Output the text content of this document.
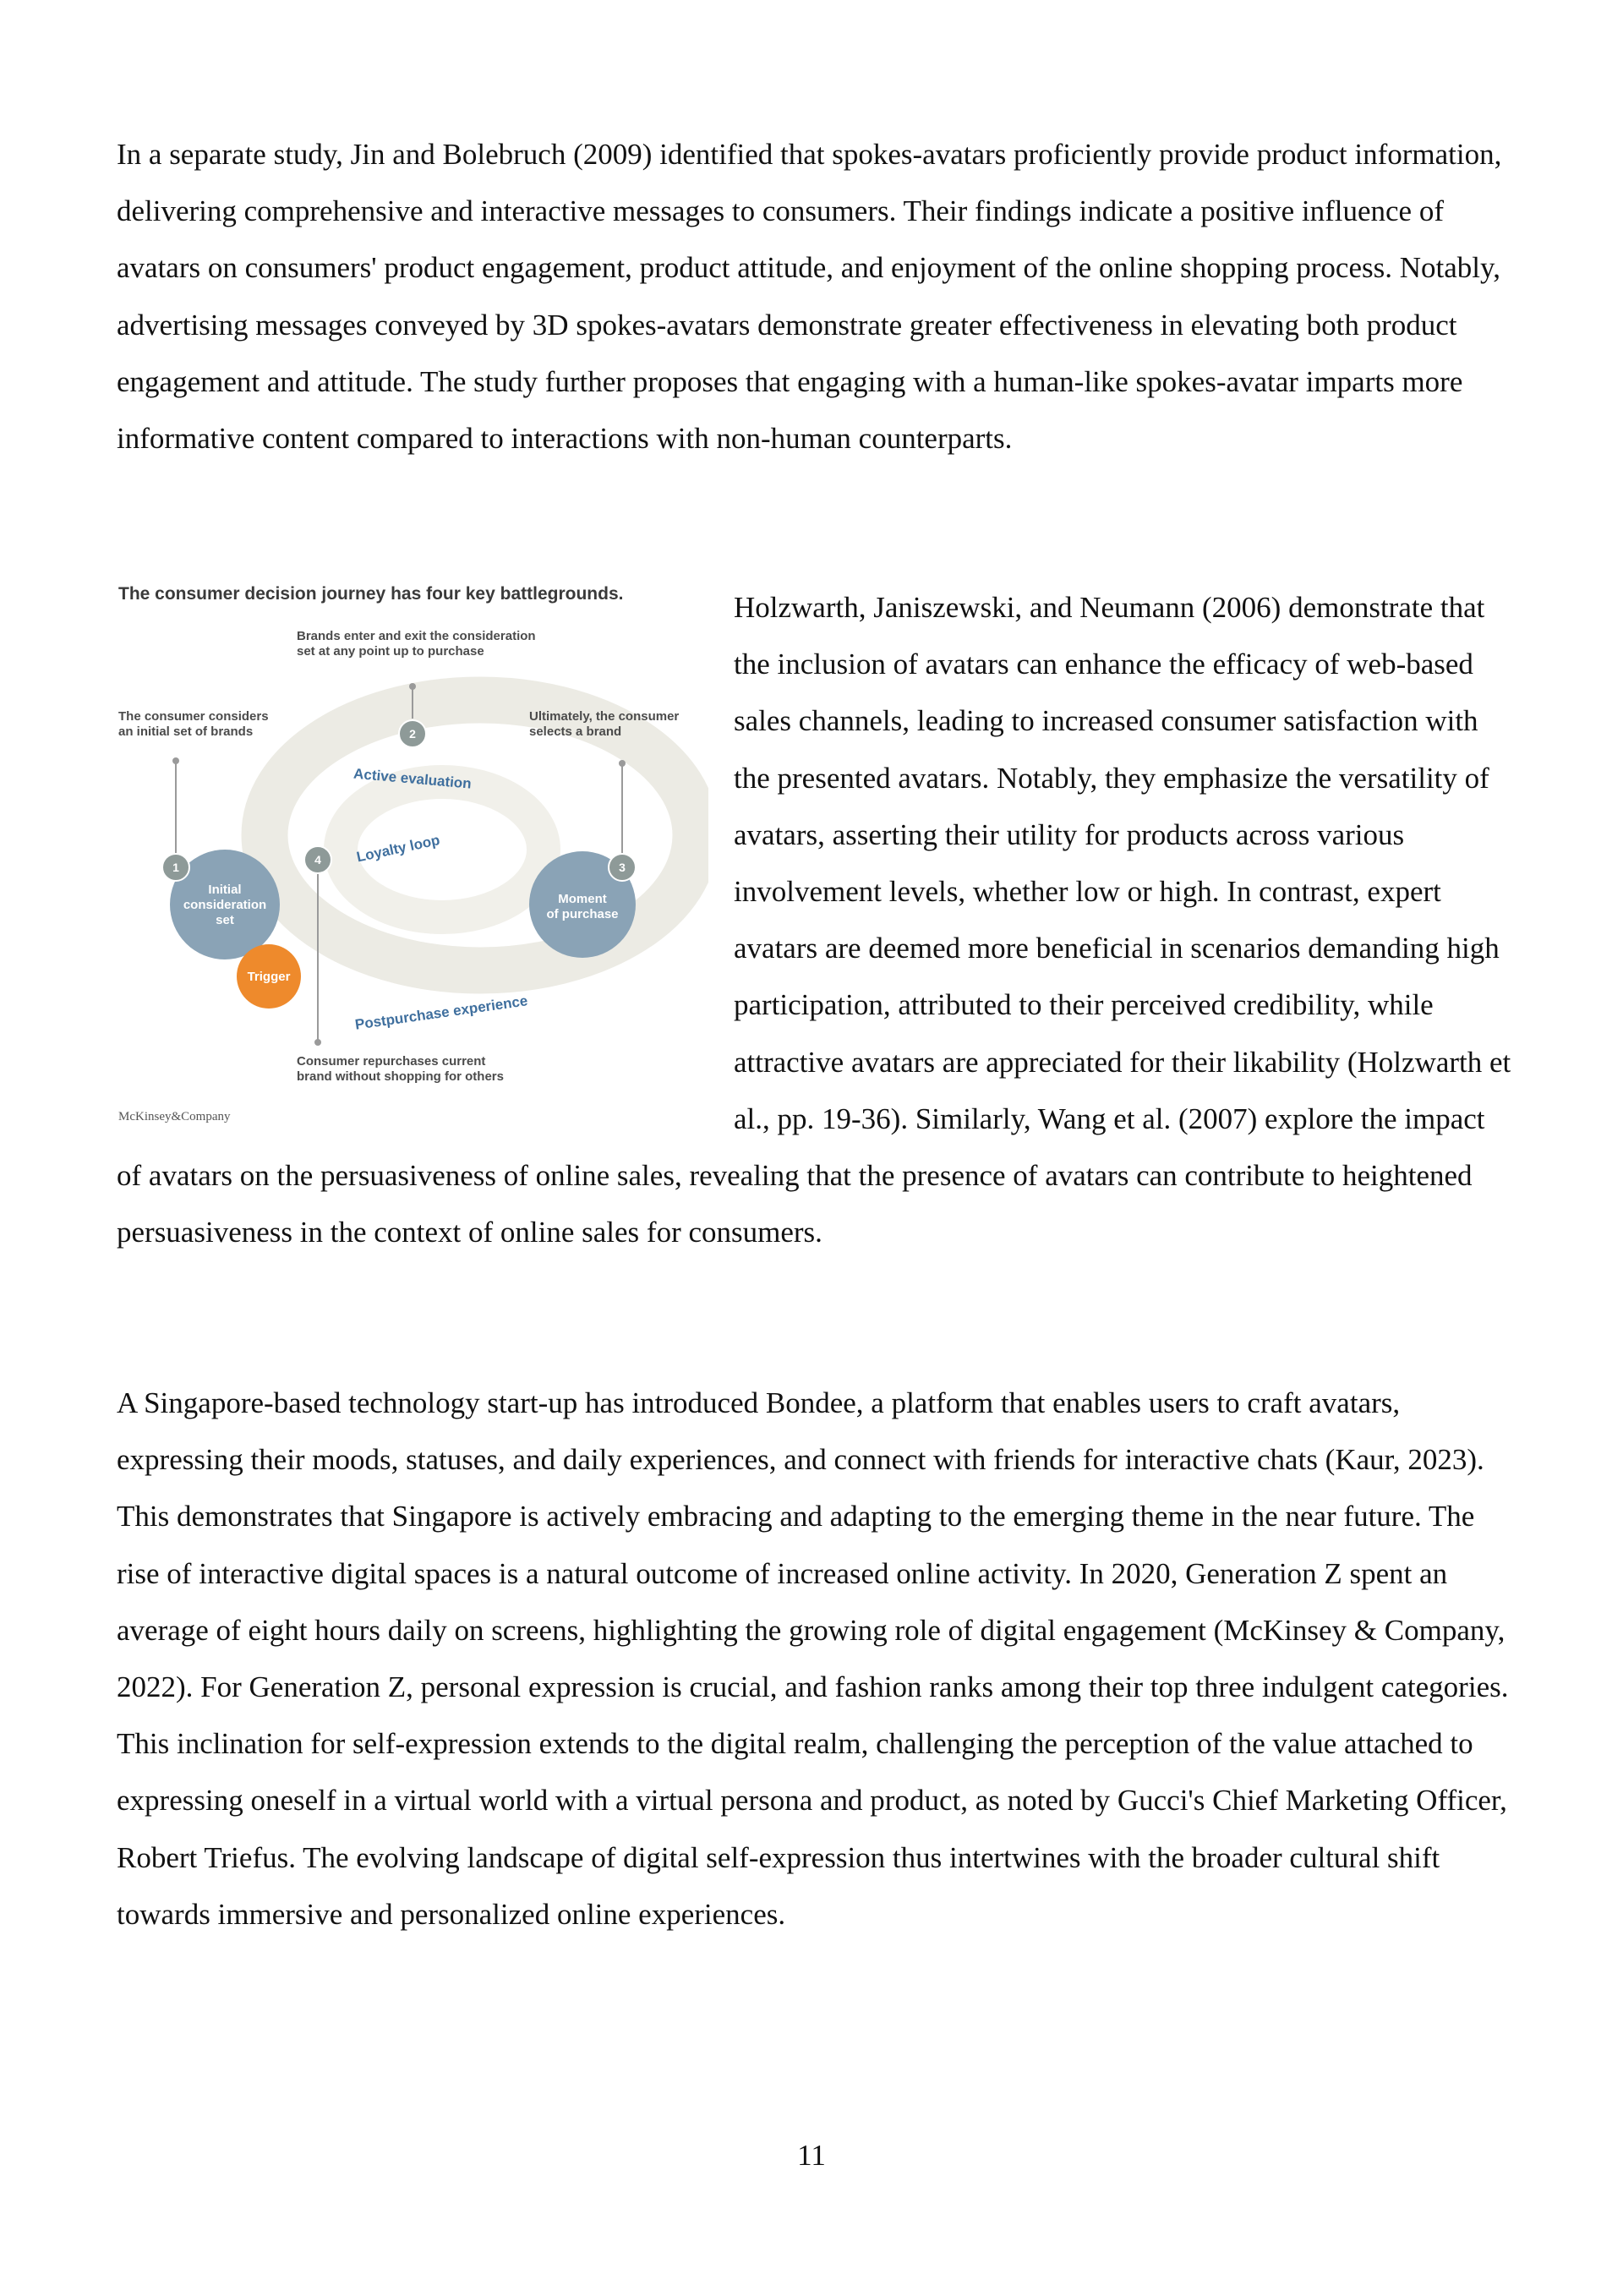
In a separate study, Jin and Bolebruch (2009) identified that spokes-avatars proficiently provide product information, delivering comprehensive and interactive messages to consumers. Their findings indicate a positive influence of avatars on consumers' product engagement, product attitude, and enjoyment of the online shopping process. Notably, advertising messages conveyed by 3D spokes-avatars demonstrate greater effectiveness in elevating both product engagement and attitude. The study further proposes that engaging with a human-like spokes-avatar imparts more informative content compared to interactions with non-human counterparts.

The consumer decision journey has four key battlegrounds.
Brands enter and exit the consideration
set at any point up to purchase
The consumer considers
an initial set of brands
Ultimately, the consumer
selects a brand
Active evaluation
Loyalty loop
Postpurchase experience
Initial
consideration
set
Moment
of purchase
Trigger
1
2
3
4
Consumer repurchases current
brand without shopping for others
McKinsey&Company
Holzwarth, Janiszewski, and Neumann (2006) demonstrate that the inclusion of avatars can enhance the efficacy of web-based sales channels, leading to increased consumer satisfaction with the presented avatars. Notably, they emphasize the versatility of avatars, asserting their utility for products across various involvement levels, whether low or high. In contrast, expert avatars are deemed more beneficial in scenarios demanding high participation, attributed to their perceived credibility, while attractive avatars are appreciated for their likability (Holzwarth et al., pp. 19-36). Similarly, Wang et al. (2007) explore the impact of avatars on the persuasiveness of online sales, revealing that the presence of avatars can contribute to heightened persuasiveness in the context of online sales for consumers.

A Singapore-based technology start-up has introduced Bondee, a platform that enables users to craft avatars, expressing their moods, statuses, and daily experiences, and connect with friends for interactive chats (Kaur, 2023). This demonstrates that Singapore is actively embracing and adapting to the emerging theme in the near future. The rise of interactive digital spaces is a natural outcome of increased online activity. In 2020, Generation Z spent an average of eight hours daily on screens, highlighting the growing role of digital engagement (McKinsey & Company, 2022). For Generation Z, personal expression is crucial, and fashion ranks among their top three indulgent categories. This inclination for self-expression extends to the digital realm, challenging the perception of the value attached to expressing oneself in a virtual world with a virtual persona and product, as noted by Gucci's Chief Marketing Officer, Robert Triefus. The evolving landscape of digital self-expression thus intertwines with the broader cultural shift towards immersive and personalized online experiences.

11
